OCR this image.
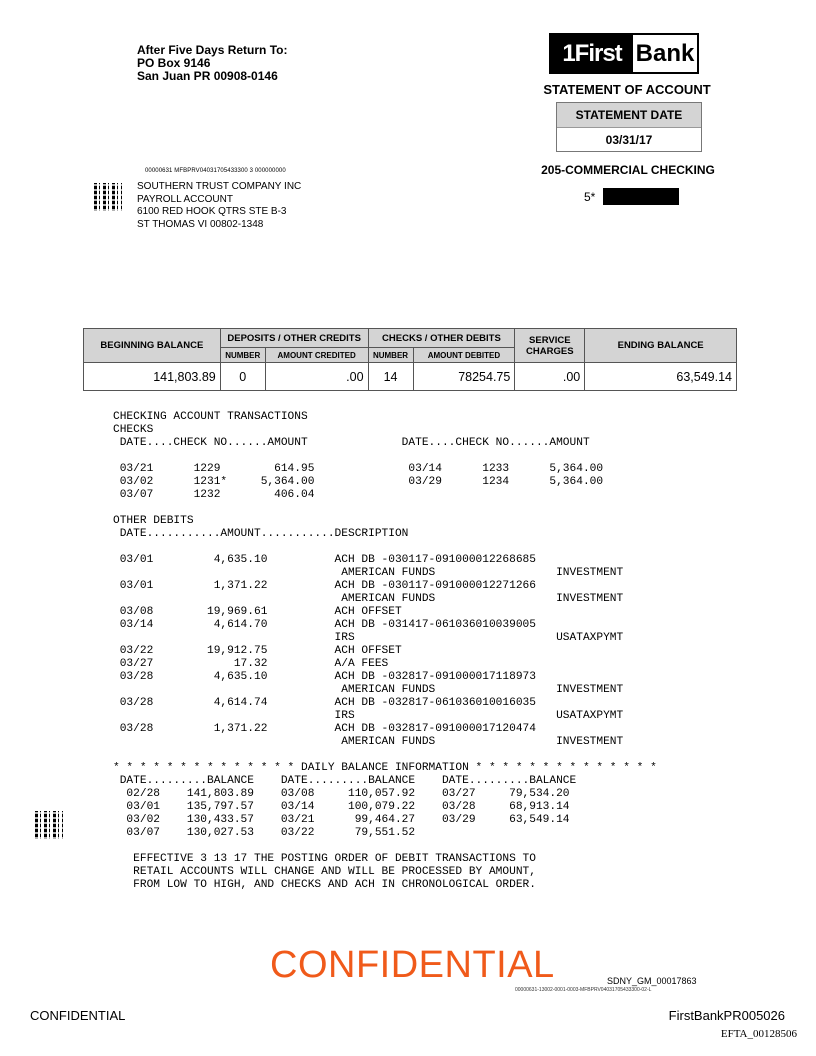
After Five Days Return To:
PO Box 9146
San Juan PR 00908-0146
1First Bank
STATEMENT OF ACCOUNT
STATEMENT DATE
03/31/17
205-COMMERCIAL CHECKING
5*
00000631 MFBPRV04031705433300 3 000000000
SOUTHERN TRUST COMPANY INC
PAYROLL ACCOUNT
6100 RED HOOK QTRS STE B-3
ST THOMAS VI 00802-1348
BEGINNING BALANCE	DEPOSITS / OTHER CREDITS		CHECKS / OTHER DEBITS		SERVICE CHARGES	ENDING BALANCE
	NUMBER	AMOUNT CREDITED	NUMBER	AMOUNT DEBITED		
141,803.89	0	.00	14	78254.75	.00	63,549.14
CHECKING ACCOUNT TRANSACTIONS
CHECKS
DATE....CHECK NO......AMOUNT              DATE....CHECK NO......AMOUNT

03/21      1229        614.95              03/14      1233      5,364.00
03/02      1231*     5,364.00              03/29      1234      5,364.00
03/07      1232        406.04

OTHER DEBITS
DATE...........AMOUNT...........DESCRIPTION

03/01         4,635.10          ACH DB -030117-091000012268685
AMERICAN FUNDS                  INVESTMENT
03/01         1,371.22          ACH DB -030117-091000012271266
AMERICAN FUNDS                  INVESTMENT
03/08        19,969.61          ACH OFFSET
03/14         4,614.70          ACH DB -031417-061036010039005
IRS                              USATAXPYMT
03/22        19,912.75          ACH OFFSET
03/27            17.32          A/A FEES
03/28         4,635.10          ACH DB -032817-091000017118973
AMERICAN FUNDS                  INVESTMENT
03/28         4,614.74          ACH DB -032817-061036010016035
IRS                              USATAXPYMT
03/28         1,371.22          ACH DB -032817-091000017120474
AMERICAN FUNDS                  INVESTMENT

* * * * * * * * * * * * * * DAILY BALANCE INFORMATION * * * * * * * * * * * * * *
DATE.........BALANCE    DATE.........BALANCE    DATE.........BALANCE
02/28    141,803.89    03/08     110,057.92    03/27     79,534.20
03/01    135,797.57    03/14     100,079.22    03/28     68,913.14
03/02    130,433.57    03/21      99,464.27    03/29     63,549.14
03/07    130,027.53    03/22      79,551.52

EFFECTIVE 3 13 17 THE POSTING ORDER OF DEBIT TRANSACTIONS TO
RETAIL ACCOUNTS WILL CHANGE AND WILL BE PROCESSED BY AMOUNT,
FROM LOW TO HIGH, AND CHECKS AND ACH IN CHRONOLOGICAL ORDER.
CONFIDENTIAL	SDNY_GM_00017863
00000631-13002-0001-0003-MFBPRV04031705433300-02-L
CONFIDENTIAL	FirstBankPR005026
EFTA_00128506
